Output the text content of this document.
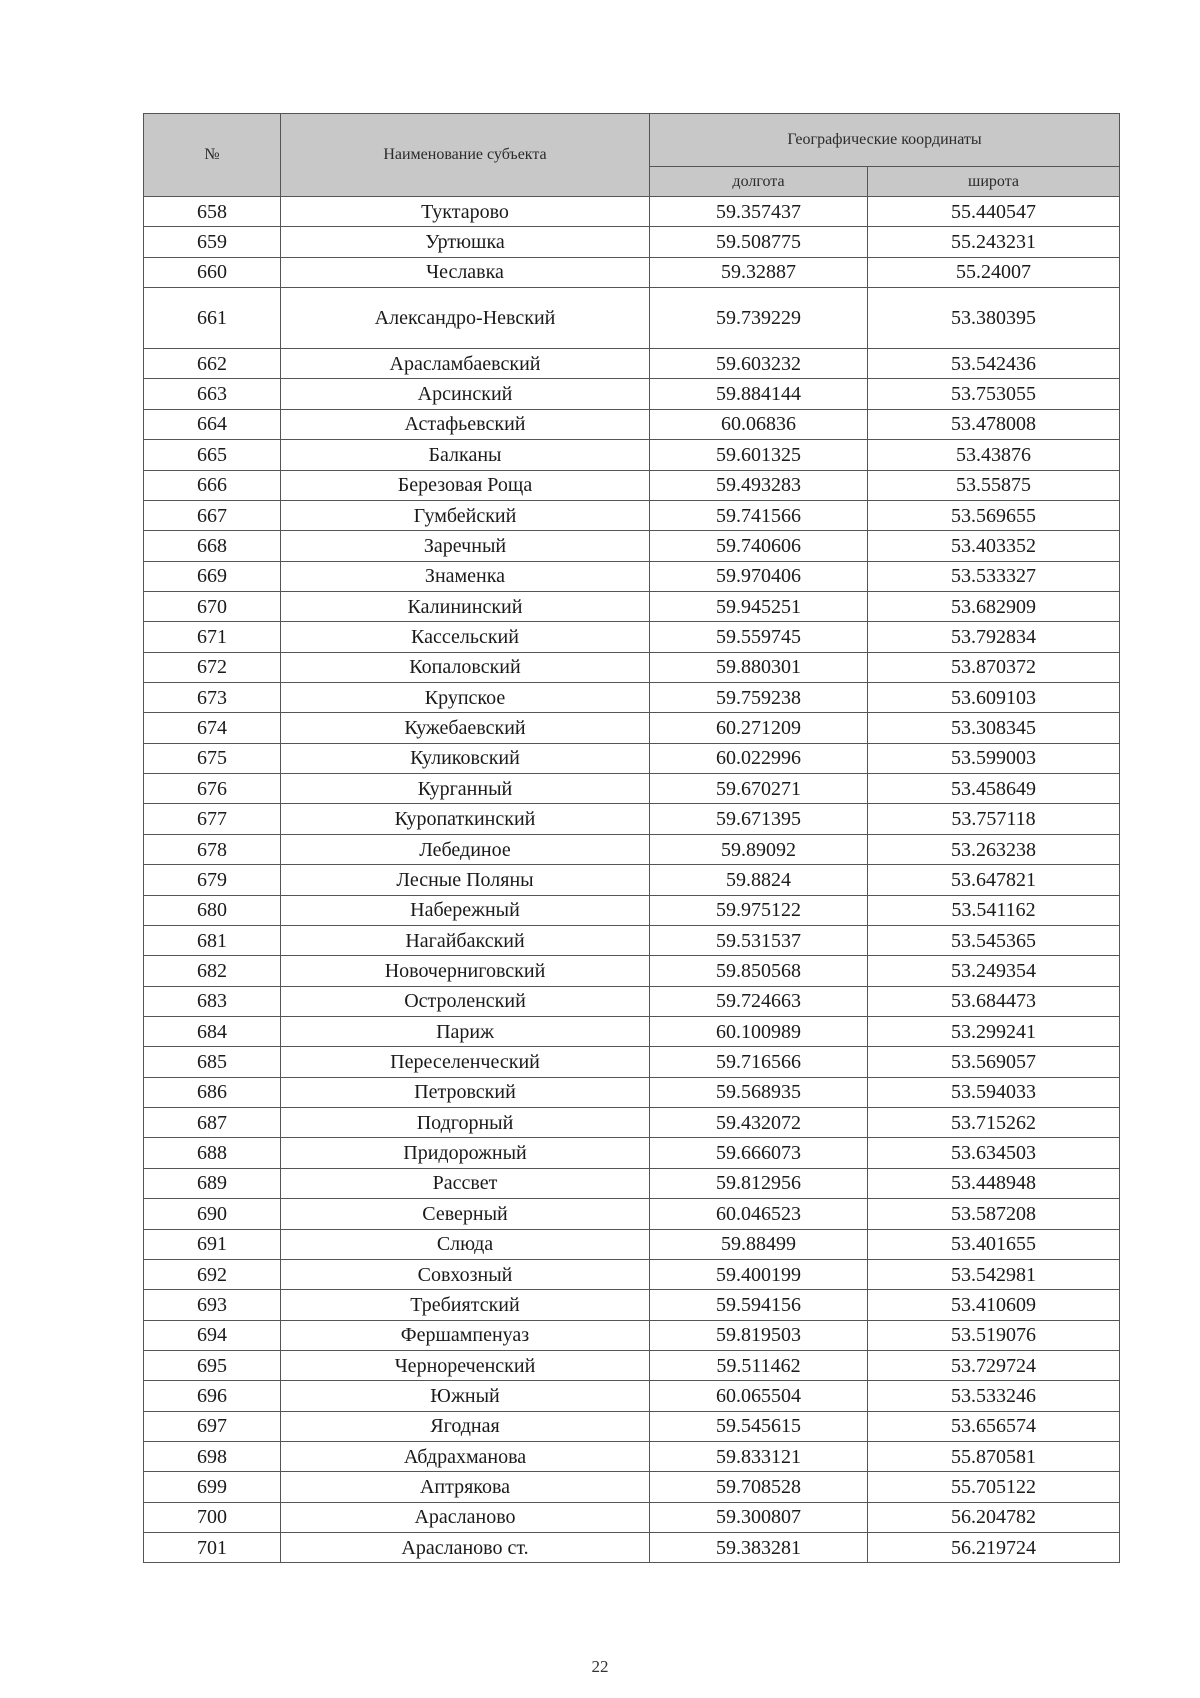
№	Наименование субъекта	Географические координаты	
		долгота	широта
658	Туктарово	59.357437	55.440547
659	Уртюшка	59.508775	55.243231
660	Чеславка	59.32887	55.24007
661	Александро-Невский	59.739229	53.380395
662	Арасламбаевский	59.603232	53.542436
663	Арсинский	59.884144	53.753055
664	Астафьевский	60.06836	53.478008
665	Балканы	59.601325	53.43876
666	Березовая Роща	59.493283	53.55875
667	Гумбейский	59.741566	53.569655
668	Заречный	59.740606	53.403352
669	Знаменка	59.970406	53.533327
670	Калининский	59.945251	53.682909
671	Кассельский	59.559745	53.792834
672	Копаловский	59.880301	53.870372
673	Крупское	59.759238	53.609103
674	Кужебаевский	60.271209	53.308345
675	Куликовский	60.022996	53.599003
676	Курганный	59.670271	53.458649
677	Куропаткинский	59.671395	53.757118
678	Лебединое	59.89092	53.263238
679	Лесные Поляны	59.8824	53.647821
680	Набережный	59.975122	53.541162
681	Нагайбакский	59.531537	53.545365
682	Новочерниговский	59.850568	53.249354
683	Остроленский	59.724663	53.684473
684	Париж	60.100989	53.299241
685	Переселенческий	59.716566	53.569057
686	Петровский	59.568935	53.594033
687	Подгорный	59.432072	53.715262
688	Придорожный	59.666073	53.634503
689	Рассвет	59.812956	53.448948
690	Северный	60.046523	53.587208
691	Слюда	59.88499	53.401655
692	Совхозный	59.400199	53.542981
693	Требиятский	59.594156	53.410609
694	Фершампенуаз	59.819503	53.519076
695	Чернореченский	59.511462	53.729724
696	Южный	60.065504	53.533246
697	Ягодная	59.545615	53.656574
698	Абдрахманова	59.833121	55.870581
699	Аптрякова	59.708528	55.705122
700	Арасланово	59.300807	56.204782
701	Арасланово ст.	59.383281	56.219724
22
